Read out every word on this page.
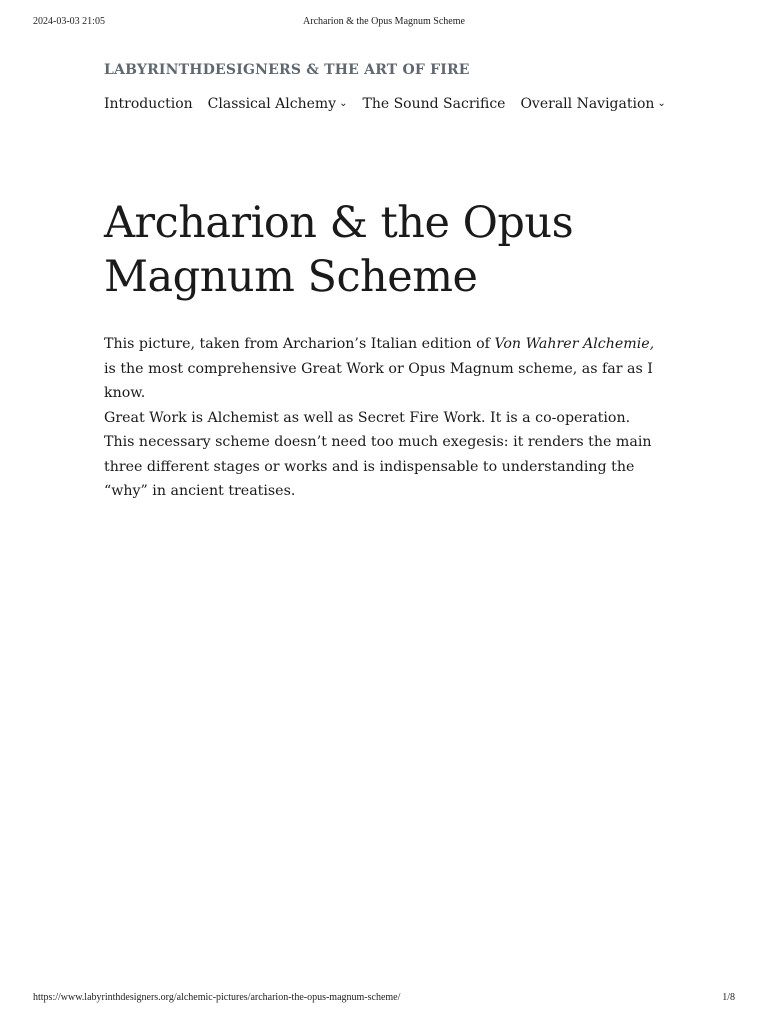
2024-03-03 21:05	Archarion & the Opus Magnum Scheme
LABYRINTHDESIGNERS & THE ART OF FIRE
Introduction Classical Alchemy ⌄ The Sound Sacrifice Overall Navigation ⌄
Archarion & the Opus Magnum Scheme

This picture, taken from Archarion’s Italian edition of Von Wahrer Alchemie, is the most comprehensive Great Work or Opus Magnum scheme, as far as I know.

Great Work is Alchemist as well as Secret Fire Work. It is a co-operation. This necessary scheme doesn’t need too much exegesis: it renders the main three different stages or works and is indispensable to understanding the “why” in ancient treatises.

https://www.labyrinthdesigners.org/alchemic-pictures/archarion-the-opus-magnum-scheme/	1/8
